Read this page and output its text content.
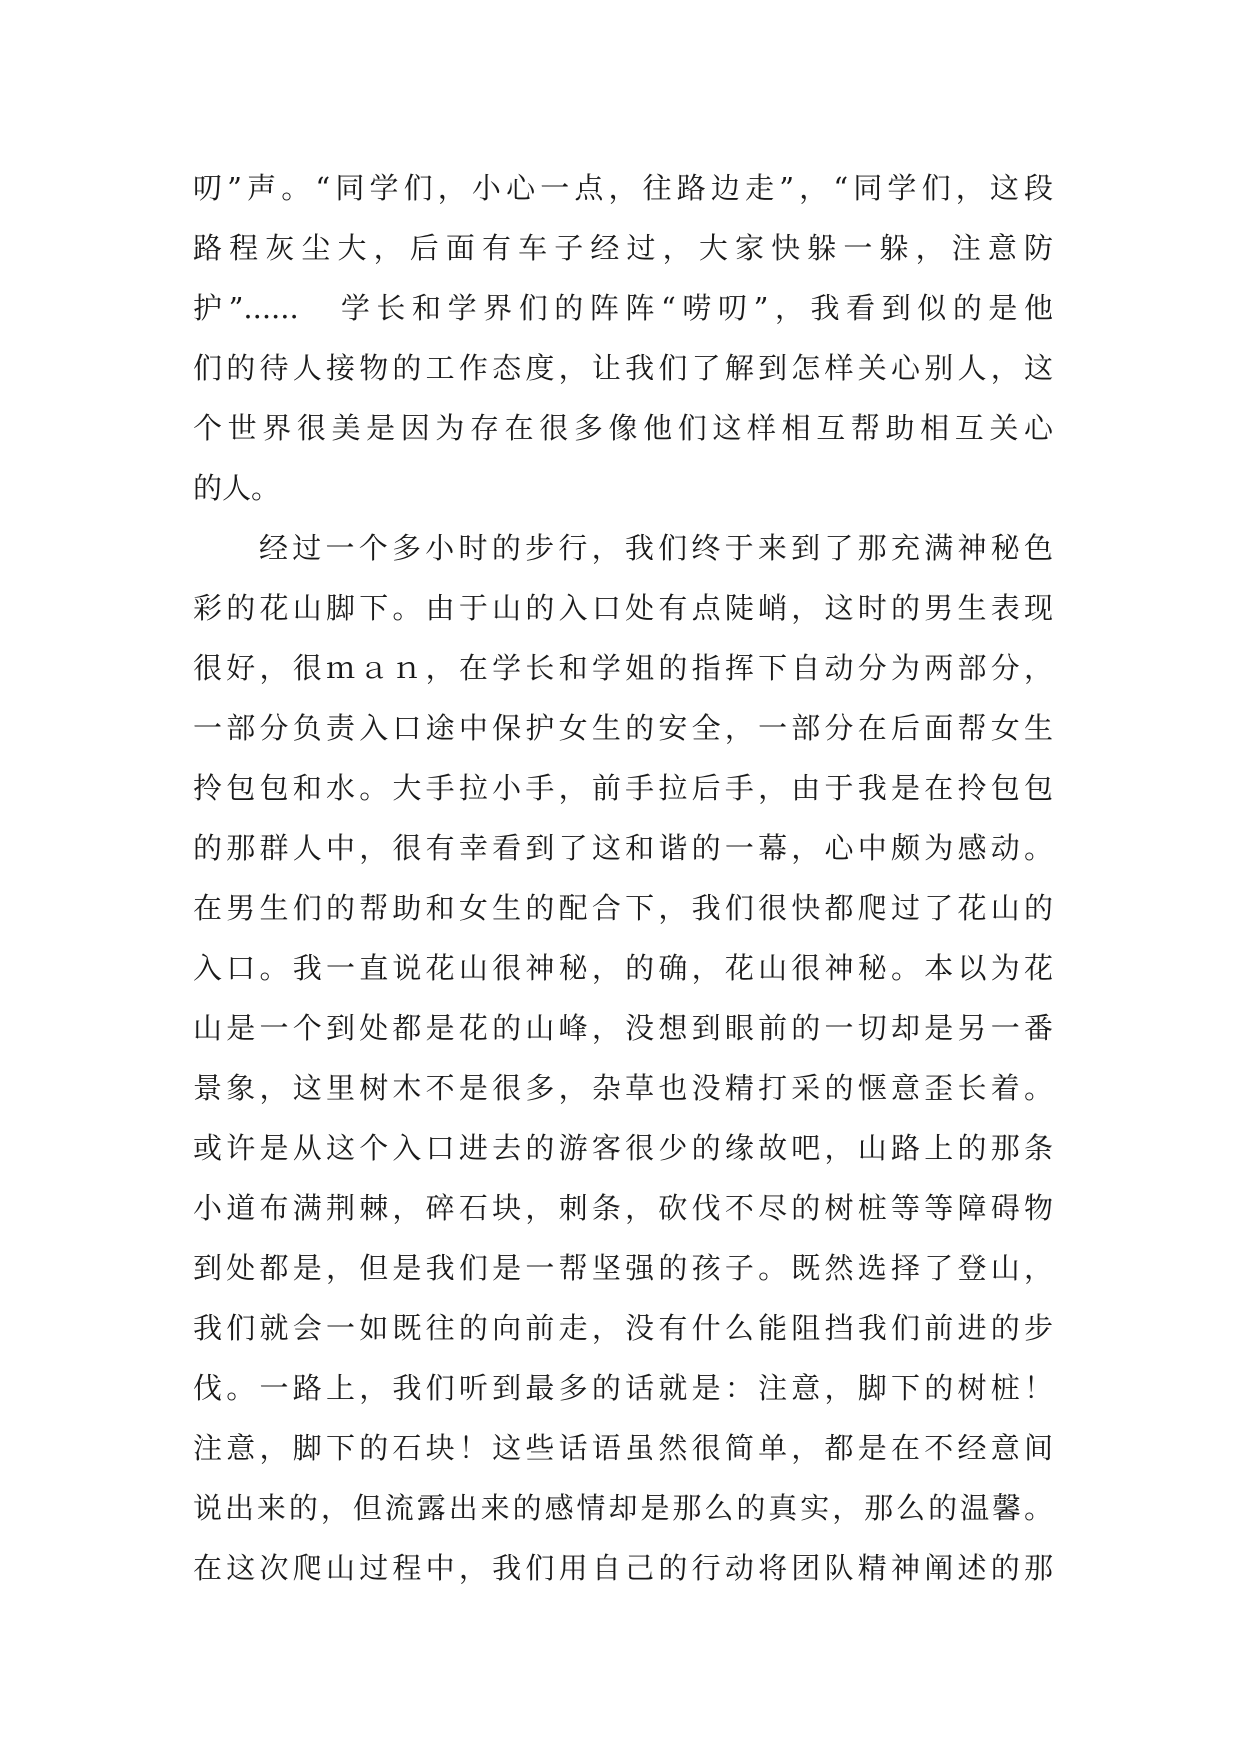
叨”声。“同学们，小心一点，往路边走”，“同学们，这段
路程灰尘大，后面有车子经过，大家快躲一躲，注意防
护”......　学长和学界们的阵阵“唠叨”，我看到似的是他
们的待人接物的工作态度，让我们了解到怎样关心别人，这
个世界很美是因为存在很多像他们这样相互帮助相互关心
的人。
经过一个多小时的步行，我们终于来到了那充满神秘色
彩的花山脚下。由于山的入口处有点陡峭，这时的男生表现
很好，很ｍａｎ，在学长和学姐的指挥下自动分为两部分，
一部分负责入口途中保护女生的安全，一部分在后面帮女生
拎包包和水。大手拉小手，前手拉后手，由于我是在拎包包
的那群人中，很有幸看到了这和谐的一幕，心中颇为感动。
在男生们的帮助和女生的配合下，我们很快都爬过了花山的
入口。我一直说花山很神秘，的确，花山很神秘。本以为花
山是一个到处都是花的山峰，没想到眼前的一切却是另一番
景象，这里树木不是很多，杂草也没精打采的惬意歪长着。
或许是从这个入口进去的游客很少的缘故吧，山路上的那条
小道布满荆棘，碎石块，刺条，砍伐不尽的树桩等等障碍物
到处都是，但是我们是一帮坚强的孩子。既然选择了登山，
我们就会一如既往的向前走，没有什么能阻挡我们前进的步
伐。一路上，我们听到最多的话就是：注意，脚下的树桩！
注意，脚下的石块！这些话语虽然很简单，都是在不经意间
说出来的，但流露出来的感情却是那么的真实，那么的温馨。
在这次爬山过程中，我们用自己的行动将团队精神阐述的那
